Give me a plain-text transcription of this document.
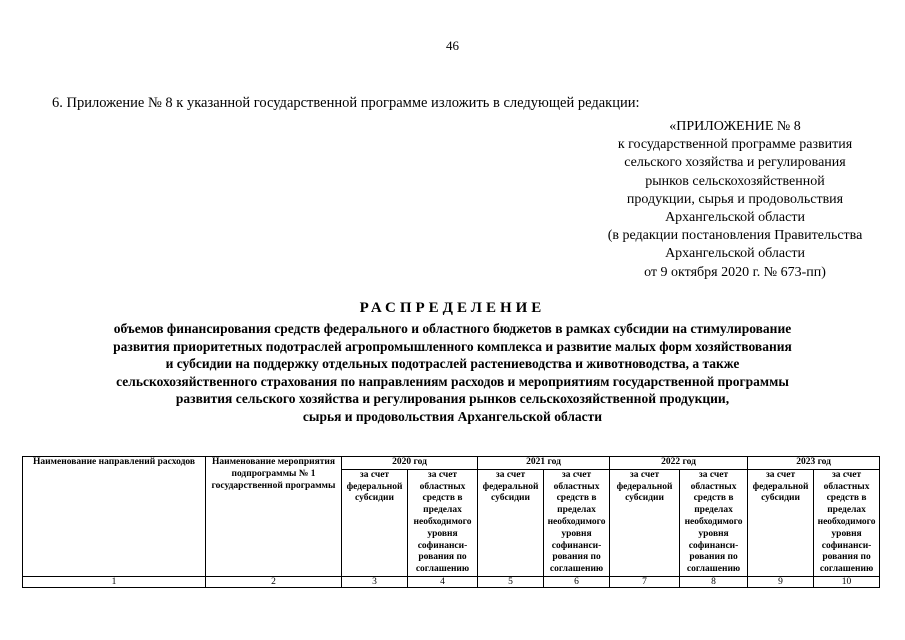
46
6. Приложение № 8 к указанной государственной программе изложить в следующей редакции:
«ПРИЛОЖЕНИЕ № 8
к государственной программе развития
сельского хозяйства и регулирования
рынков сельскохозяйственной
продукции, сырья и продовольствия
Архангельской области
(в редакции постановления Правительства
Архангельской области
от 9 октября 2020 г. № 673-пп)
РАСПРЕДЕЛЕНИЕ
объемов финансирования средств федерального и областного бюджетов в рамках субсидии на стимулирование
развития приоритетных подотраслей агропромышленного комплекса и развитие малых форм хозяйствования
и субсидии на поддержку отдельных подотраслей растениеводства и животноводства, а также
сельскохозяйственного страхования по направлениям расходов и мероприятиям государственной программы
развития сельского хозяйства и регулирования рынков сельскохозяйственной продукции,
сырья и продовольствия Архангельской области
Наименование направлений расходов	Наименование мероприятия подпрограммы № 1 государственной программы	2020 год		2021 год		2022 год		2023 год	
		за счет федеральной субсидии	за счет областных средств в пределах необходимого уровня софинанси- рования по соглашению	за счет федеральной субсидии	за счет областных средств в пределах необходимого уровня софинанси- рования по соглашению	за счет федеральной субсидии	за счет областных средств в пределах необходимого уровня софинанси- рования по соглашению	за счет федеральной субсидии	за счет областных средств в пределах необходимого уровня софинанси- рования по соглашению
1	2	3	4	5	6	7	8	9	10
